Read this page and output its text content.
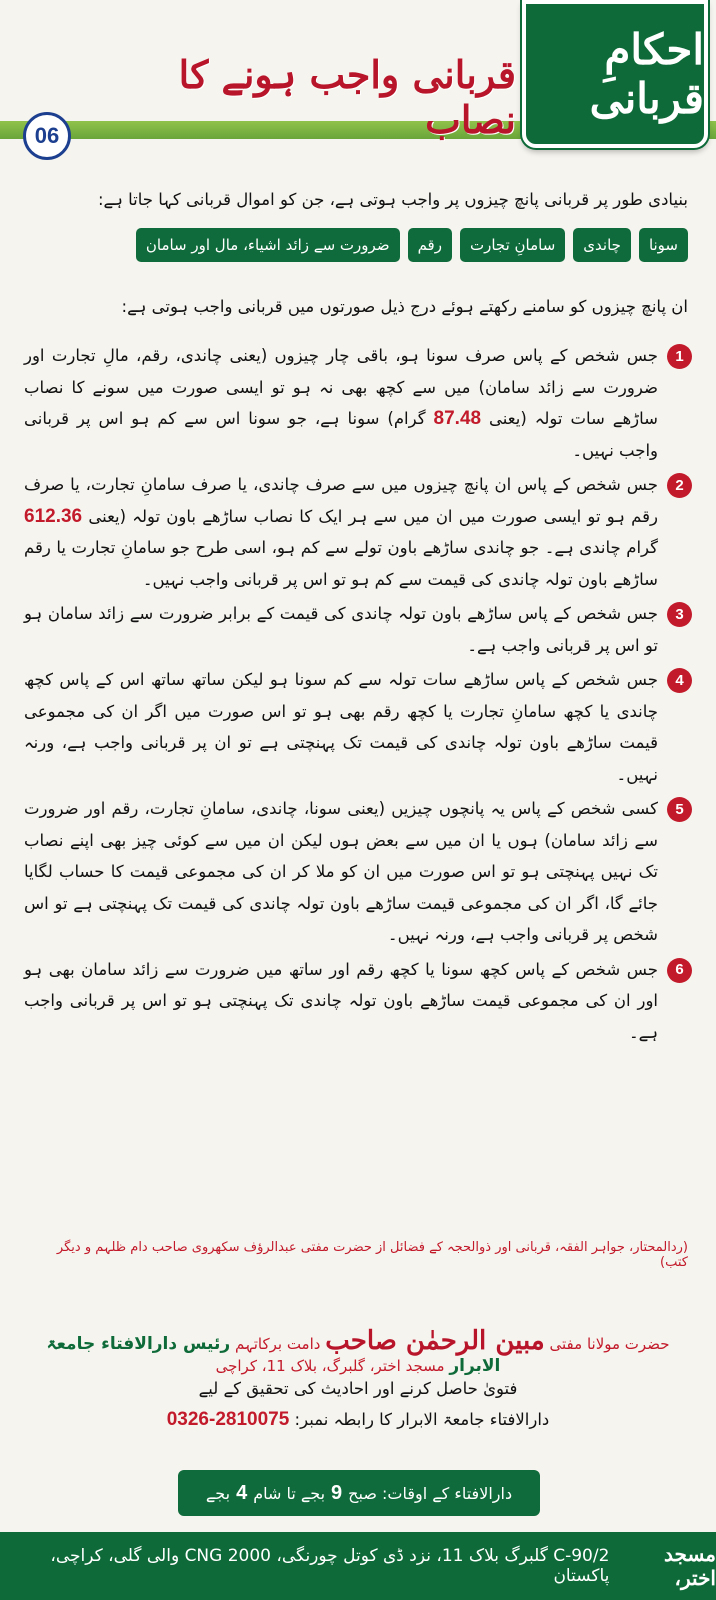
قربانی واجب ہونے کا نصاب
احکامِ قربانی
06
بنیادی طور پر قربانی پانچ چیزوں پر واجب ہوتی ہے، جن کو اموال قربانی کہا جاتا ہے:
سونا
چاندی
سامانِ تجارت
رقم
ضرورت سے زائد اشیاء، مال اور سامان
ان پانچ چیزوں کو سامنے رکھتے ہوئے درج ذیل صورتوں میں قربانی واجب ہوتی ہے:
1
جس شخص کے پاس صرف سونا ہو، باقی چار چیزوں (یعنی چاندی، رقم، مالِ تجارت اور ضرورت سے زائد سامان) میں سے کچھ بھی نہ ہو تو ایسی صورت میں سونے کا نصاب ساڑھے سات تولہ (یعنی 87.48 گرام) سونا ہے، جو سونا اس سے کم ہو اس پر قربانی واجب نہیں۔
2
جس شخص کے پاس ان پانچ چیزوں میں سے صرف چاندی، یا صرف سامانِ تجارت، یا صرف رقم ہو تو ایسی صورت میں ان میں سے ہر ایک کا نصاب ساڑھے باون تولہ (یعنی 612.36 گرام چاندی ہے۔ جو چاندی ساڑھے باون تولے سے کم ہو، اسی طرح جو سامانِ تجارت یا رقم ساڑھے باون تولہ چاندی کی قیمت سے کم ہو تو اس پر قربانی واجب نہیں۔
3
جس شخص کے پاس ساڑھے باون تولہ چاندی کی قیمت کے برابر ضرورت سے زائد سامان ہو تو اس پر قربانی واجب ہے۔
4
جس شخص کے پاس ساڑھے سات تولہ سے کم سونا ہو لیکن ساتھ ساتھ اس کے پاس کچھ چاندی یا کچھ سامانِ تجارت یا کچھ رقم بھی ہو تو اس صورت میں اگر ان کی مجموعی قیمت ساڑھے باون تولہ چاندی کی قیمت تک پہنچتی ہے تو ان پر قربانی واجب ہے، ورنہ نہیں۔
5
کسی شخص کے پاس یہ پانچوں چیزیں (یعنی سونا، چاندی، سامانِ تجارت، رقم اور ضرورت سے زائد سامان) ہوں یا ان میں سے بعض ہوں لیکن ان میں سے کوئی چیز بھی اپنے نصاب تک نہیں پہنچتی ہو تو اس صورت میں ان کو ملا کر ان کی مجموعی قیمت کا حساب لگایا جائے گا، اگر ان کی مجموعی قیمت ساڑھے باون تولہ چاندی کی قیمت تک پہنچتی ہے تو اس شخص پر قربانی واجب ہے، ورنہ نہیں۔
6
جس شخص کے پاس کچھ سونا یا کچھ رقم اور ساتھ میں ضرورت سے زائد سامان بھی ہو اور ان کی مجموعی قیمت ساڑھے باون تولہ چاندی تک پہنچتی ہو تو اس پر قربانی واجب ہے۔
(ردالمحتار، جواہر الفقہ، قربانی اور ذوالحجہ کے فضائل از حضرت مفتی عبدالرؤف سکھروی صاحب دام ظلہم و دیگر کتب)
حضرت مولانا مفتی مبین الرحمٰن صاحب دامت برکاتہم رئیس دارالافتاء جامعۃ الابرار مسجد اختر، گلبرگ، بلاک 11، کراچی
فتویٰ حاصل کرنے اور احادیث کی تحقیق کے لیے
دارالافتاء جامعۃ الابرار کا رابطہ نمبر: 0326-2810075
دارالافتاء کے اوقات:

صبح
9
بجے تا شام
4
بجے
مسجد اختر،
C-90/2 گلبرگ بلاک 11، نزد ڈی کوتل چورنگی، CNG 2000 والی گلی، کراچی، پاکستان
